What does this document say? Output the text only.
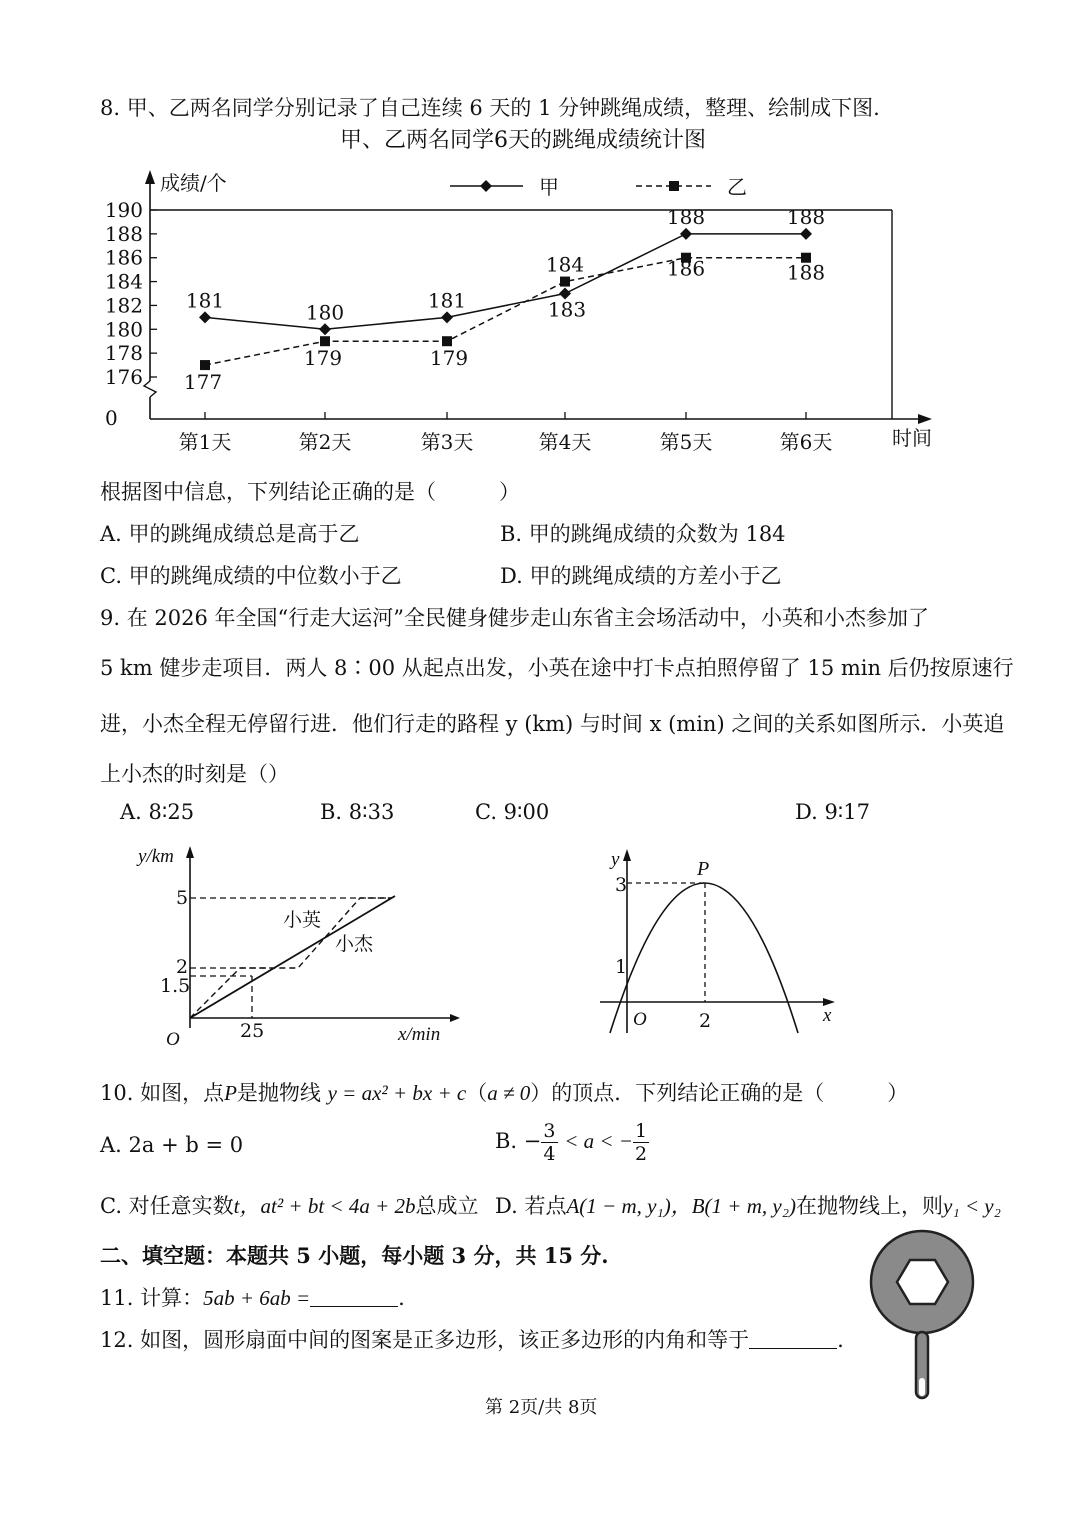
8. 甲、乙两名同学分别记录了自己连续 6 天的 1 分钟跳绳成绩，整理、绘制成下图.
甲、乙两名同学6天的跳绳成绩统计图
成绩/个
时间
0
176
178
180
182
184
186
188
190
第1天	第2天	第3天	第4天	第5天	第6天
甲	乙
181	180	181	183
188	188
177
179	179
184	186	188
根据图中信息，下列结论正确的是（　　　）
A. 甲的跳绳成绩总是高于乙	B. 甲的跳绳成绩的众数为 184
C. 甲的跳绳成绩的中位数小于乙	D. 甲的跳绳成绩的方差小于乙
9. 在 2026 年全国“行走大运河”全民健身健步走山东省主会场活动中，小英和小杰参加了
5 km 健步走项目．两人 8∶00 从起点出发，小英在途中打卡点拍照停留了 15 min 后仍按原速行
进，小杰全程无停留行进．他们行走的路程 y (km) 与时间 x (min) 之间的关系如图所示．小英追
上小杰的时刻是（）
A. 8∶25	B. 8∶33	C. 9∶00	D. 9∶17
y/km
x/min
O
5
2
1.5
25
小英
小杰
y
x
O
3
1
2
P
10. 如图，点P是抛物线 y = ax² + bx + c（a ≠ 0）的顶点．下列结论正确的是（　　　）
A. 2a + b = 0	B. − $\frac{3}{4} < a$ < − $\frac{1}{2}$
C. 对任意实数t，at² + bt < 4a + 2b总成立 D. 若点A(1 − m, y₁)，B(1 + m, y₂)在抛物线上，则y₁ < y₂
二、填空题：本题共 5 小题，每小题 3 分，共 15 分.
11. 计算：5ab + 6ab =	.
12. 如图，圆形扇面中间的图案是正多边形，该正多边形的内角和等于	.
第 2页/共 8页
